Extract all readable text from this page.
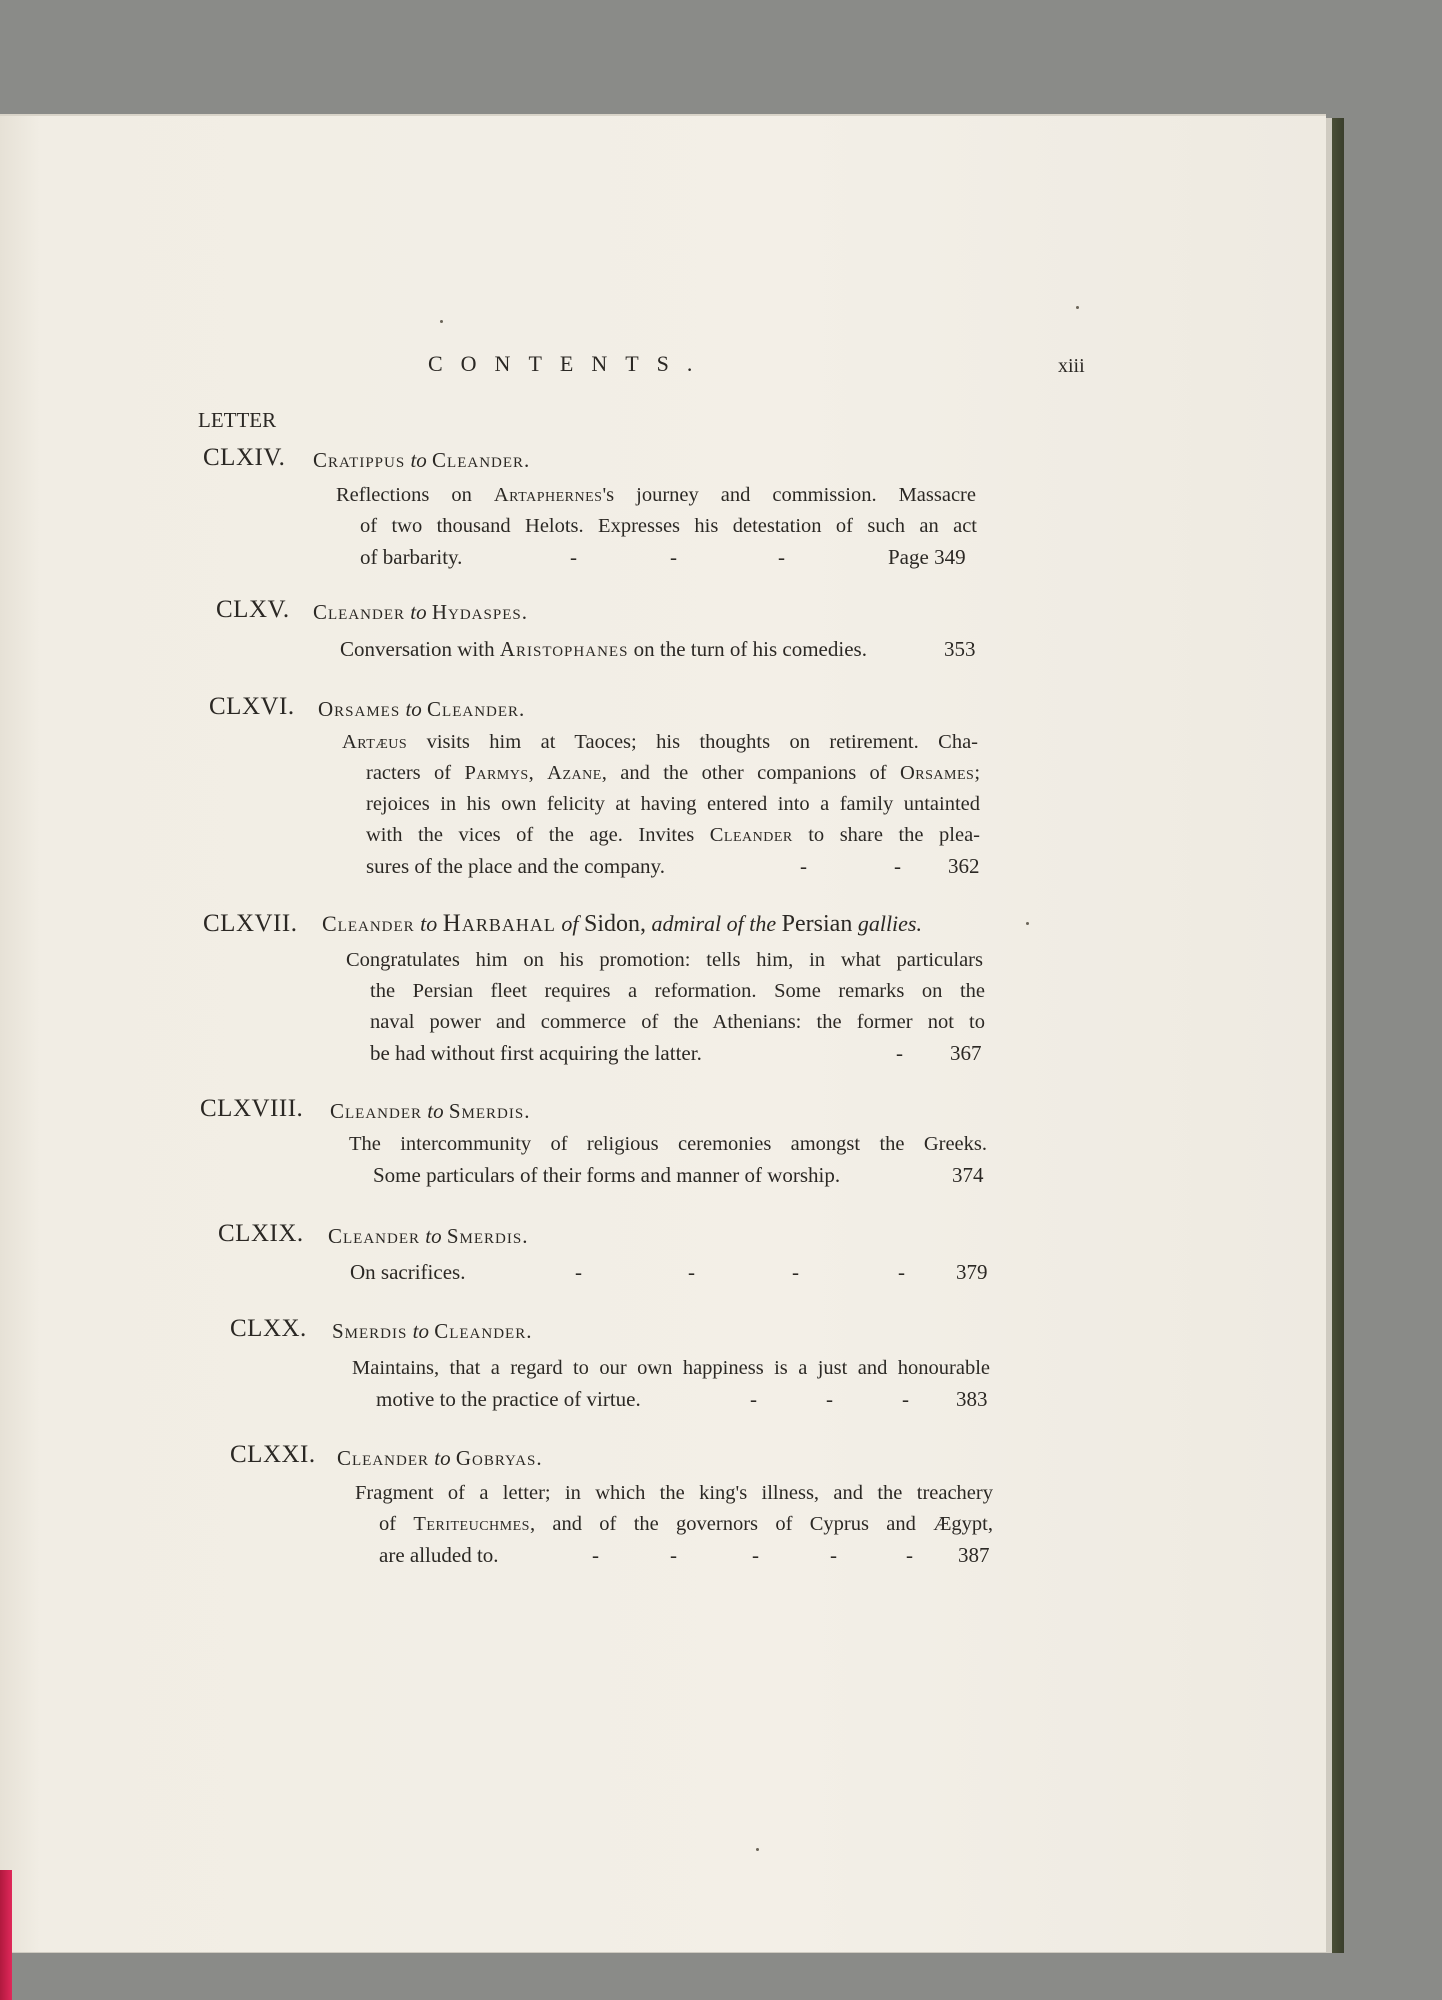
CONTENTS.	xiii
LETTER
CLXIV. Cratippus to Cleander.
Reflections on Artaphernes's journey and commission. Massacre
of two thousand Helots. Expresses his detestation of such an act
of barbarity.	-	-	-	Page 349
CLXV. Cleander to Hydaspes.
Conversation with Aristophanes on the turn of his comedies.	353
CLXVI. Orsames to Cleander.
Artæus visits him at Taoces; his thoughts on retirement. Cha-
racters of Parmys, Azane, and the other companions of Orsames;
rejoices in his own felicity at having entered into a family untainted
with the vices of the age. Invites Cleander to share the plea-
sures of the place and the company.	-	- 362
CLXVII. Cleander to Harbahal of Sidon, admiral of the Persian gallies.
Congratulates him on his promotion: tells him, in what particulars
the Persian fleet requires a reformation. Some remarks on the
naval power and commerce of the Athenians: the former not to
be had without first acquiring the latter.	- 367
CLXVIII. Cleander to Smerdis.
The intercommunity of religious ceremonies amongst the Greeks.
Some particulars of their forms and manner of worship.	374
CLXIX. Cleander to Smerdis.
On sacrifices.	-	-	-	- 379
CLXX. Smerdis to Cleander.
Maintains, that a regard to our own happiness is a just and honourable
motive to the practice of virtue.	-	-	- 383
CLXXI. Cleander to Gobryas.
Fragment of a letter; in which the king's illness, and the treachery
of Teriteuchmes, and of the governors of Cyprus and Ægypt,
are alluded to.	-	-	-	-	- 387
